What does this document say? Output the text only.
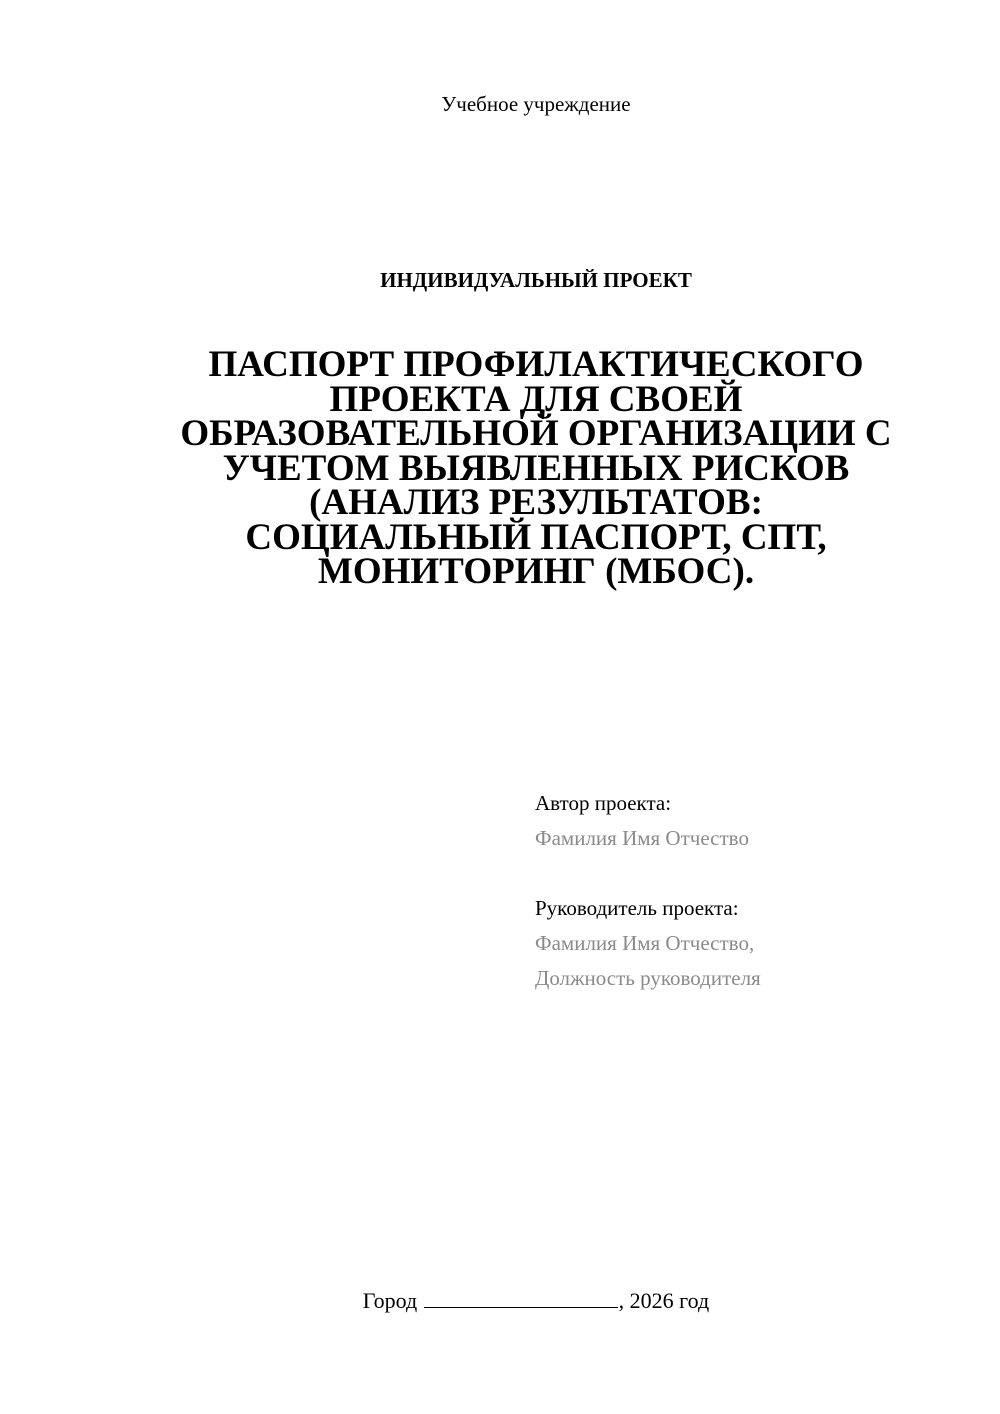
Учебное учреждение
ИНДИВИДУАЛЬНЫЙ ПРОЕКТ
ПАСПОРТ ПРОФИЛАКТИЧЕСКОГО
ПРОЕКТА ДЛЯ СВОЕЙ
ОБРАЗОВАТЕЛЬНОЙ ОРГАНИЗАЦИИ С
УЧЕТОМ ВЫЯВЛЕННЫХ РИСКОВ
(АНАЛИЗ РЕЗУЛЬТАТОВ:
СОЦИАЛЬНЫЙ ПАСПОРТ, СПТ,
МОНИТОРИНГ (МБОС).
Автор проекта:
Фамилия Имя Отчество
Руководитель проекта:
Фамилия Имя Отчество,
Должность руководителя
Город	, 2026 год
